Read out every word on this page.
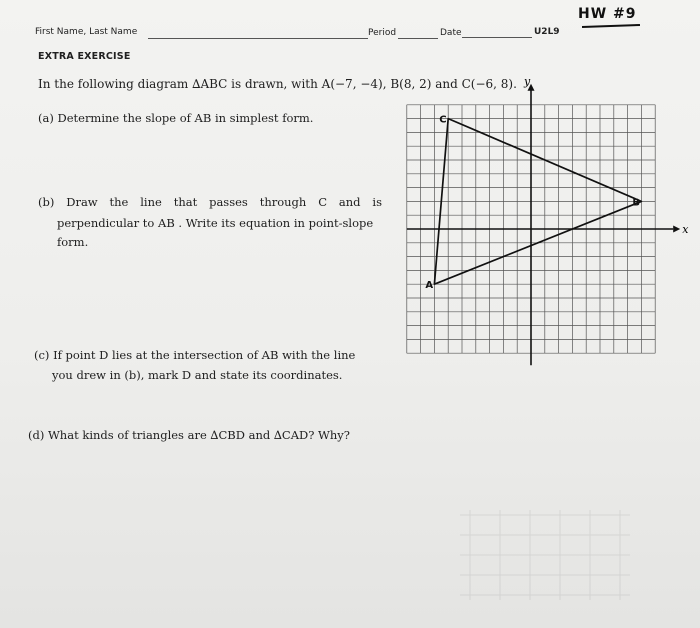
HW #9
First Name, Last Name	Period	Date	U2L9
EXTRA EXERCISE
In the following diagram ∆ABC is drawn, with A(−7, −4), B(8, 2) and C(−6, 8).
(a) Determine the slope of AB in simplest form.
(b) Draw the line that passes through C and is
perpendicular to AB . Write its equation in point-slope
form.
(c) If point D lies at the intersection of AB with the line
you drew in (b), mark D and state its coordinates.
(d) What kinds of triangles are ∆CBD and ∆CAD? Why?
A
B
C
x
y
